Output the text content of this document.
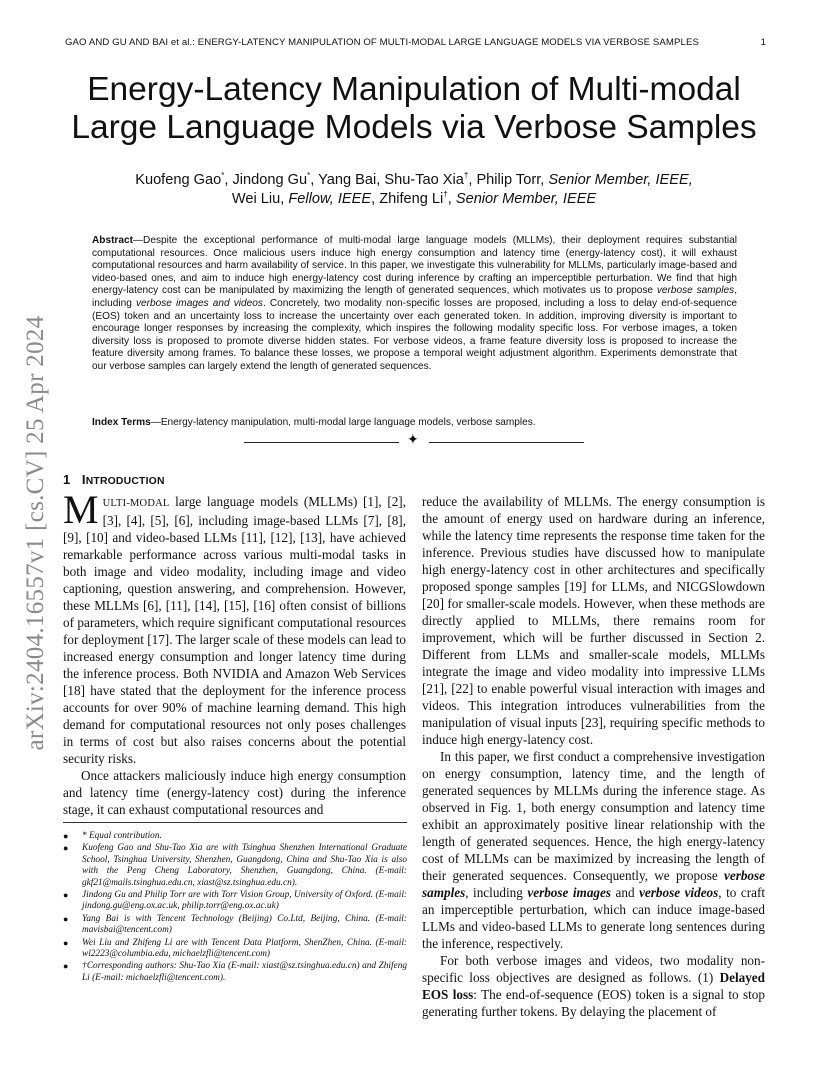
GAO AND GU AND BAI et al.: ENERGY-LATENCY MANIPULATION OF MULTI-MODAL LARGE LANGUAGE MODELS VIA VERBOSE SAMPLES	1
arXiv:2404.16557v1 [cs.CV] 25 Apr 2024
Energy-Latency Manipulation of Multi-modal
Large Language Models via Verbose Samples
Kuofeng Gao*, Jindong Gu*, Yang Bai, Shu-Tao Xia†, Philip Torr, Senior Member, IEEE,
Wei Liu, Fellow, IEEE, Zhifeng Li†, Senior Member, IEEE
Abstract—Despite the exceptional performance of multi-modal large language models (MLLMs), their deployment requires substantial computational resources. Once malicious users induce high energy consumption and latency time (energy-latency cost), it will exhaust computational resources and harm availability of service. In this paper, we investigate this vulnerability for MLLMs, particularly image-based and video-based ones, and aim to induce high energy-latency cost during inference by crafting an imperceptible perturbation. We find that high energy-latency cost can be manipulated by maximizing the length of generated sequences, which motivates us to propose verbose samples, including verbose images and videos. Concretely, two modality non-specific losses are proposed, including a loss to delay end-of-sequence (EOS) token and an uncertainty loss to increase the uncertainty over each generated token. In addition, improving diversity is important to encourage longer responses by increasing the complexity, which inspires the following modality specific loss. For verbose images, a token diversity loss is proposed to promote diverse hidden states. For verbose videos, a frame feature diversity loss is proposed to increase the feature diversity among frames. To balance these losses, we propose a temporal weight adjustment algorithm. Experiments demonstrate that our verbose samples can largely extend the length of generated sequences.
Index Terms—Energy-latency manipulation, multi-modal large language models, verbose samples.
✦
1 INTRODUCTION

MULTI-MODAL large language models (MLLMs) [1], [2], [3], [4], [5], [6], including image-based LLMs [7], [8], [9], [10] and video-based LLMs [11], [12], [13], have achieved remarkable performance across various multi-modal tasks in both image and video modality, including image and video captioning, question answering, and comprehension. However, these MLLMs [6], [11], [14], [15], [16] often consist of billions of parameters, which require significant computational resources for deployment [17]. The larger scale of these models can lead to increased energy consumption and longer latency time during the inference process. Both NVIDIA and Amazon Web Services [18] have stated that the deployment for the inference process accounts for over 90% of machine learning demand. This high demand for computational resources not only poses challenges in terms of cost but also raises concerns about the potential security risks.

Once attackers maliciously induce high energy consumption and latency time (energy-latency cost) during the inference stage, it can exhaust computational resources and

● * Equal contribution.
● Kuofeng Gao and Shu-Tao Xia are with Tsinghua Shenzhen International Graduate School, Tsinghua University, Shenzhen, Guangdong, China and Shu-Tao Xia is also with the Peng Cheng Laboratory, Shenzhen, Guangdong, China. (E-mail: gkf21@mails.tsinghua.edu.cn, xiast@sz.tsinghua.edu.cn).
● Jindong Gu and Philip Torr are with Torr Vision Group, University of Oxford. (E-mail: jindong.gu@eng.ox.ac.uk, philip.torr@eng.ox.ac.uk)
● Yang Bai is with Tencent Technology (Beijing) Co.Ltd, Beijing, China. (E-mail: mavisbai@tencent.com)
● Wei Liu and Zhifeng Li are with Tencent Data Platform, ShenZhen, China. (E-mail: wl2223@columbia.edu, michaelzfli@tencent.com)
● †Corresponding authors: Shu-Tao Xia (E-mail: xiast@sz.tsinghua.edu.cn) and Zhifeng Li (E-mail: michaelzfli@tencent.com).

reduce the availability of MLLMs. The energy consumption is the amount of energy used on hardware during an inference, while the latency time represents the response time taken for the inference. Previous studies have discussed how to manipulate high energy-latency cost in other architectures and specifically proposed sponge samples [19] for LLMs, and NICGSlowdown [20] for smaller-scale models. However, when these methods are directly applied to MLLMs, there remains room for improvement, which will be further discussed in Section 2. Different from LLMs and smaller-scale models, MLLMs integrate the image and video modality into impressive LLMs [21], [22] to enable powerful visual interaction with images and videos. This integration introduces vulnerabilities from the manipulation of visual inputs [23], requiring specific methods to induce high energy-latency cost.

In this paper, we first conduct a comprehensive investigation on energy consumption, latency time, and the length of generated sequences by MLLMs during the inference stage. As observed in Fig. 1, both energy consumption and latency time exhibit an approximately positive linear relationship with the length of generated sequences. Hence, the high energy-latency cost of MLLMs can be maximized by increasing the length of their generated sequences. Consequently, we propose verbose samples, including verbose images and verbose videos, to craft an imperceptible perturbation, which can induce image-based LLMs and video-based LLMs to generate long sentences during the inference, respectively.

For both verbose images and videos, two modality non-specific loss objectives are designed as follows. (1) Delayed EOS loss: The end-of-sequence (EOS) token is a signal to stop generating further tokens. By delaying the placement of
